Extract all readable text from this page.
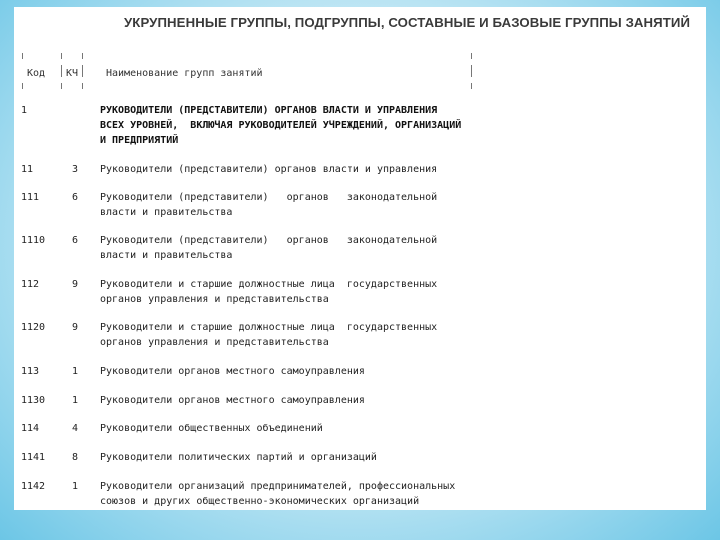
УКРУПНЕННЫЕ ГРУППЫ, ПОДГРУППЫ, СОСТАВНЫЕ И БАЗОВЫЕ ГРУППЫ ЗАНЯТИЙ
Код КЧ	Наименование групп занятий
1	РУКОВОДИТЕЛИ (ПРЕДСТАВИТЕЛИ) ОРГАНОВ ВЛАСТИ И УПРАВЛЕНИЯ
ВСЕХ УРОВНЕЙ,  ВКЛЮЧАЯ РУКОВОДИТЕЛЕЙ УЧРЕЖДЕНИЙ, ОРГАНИЗАЦИЙ
И ПРЕДПРИЯТИЙ
11	3 Руководители (представители) органов власти и управления
111	6 Руководители (представители)   органов   законодательной
власти и правительства
1110	6 Руководители (представители)   органов   законодательной
власти и правительства
112	9 Руководители и старшие должностные лица  государственных
органов управления и представительства
1120	9 Руководители и старшие должностные лица  государственных
органов управления и представительства
113	1 Руководители органов местного самоуправления
1130	1 Руководители органов местного самоуправления
114	4 Руководители общественных объединений
1141	8 Руководители политических партий и организаций
1142	1 Руководители организаций предпринимателей, профессиональных
союзов и других общественно-экономических организаций
